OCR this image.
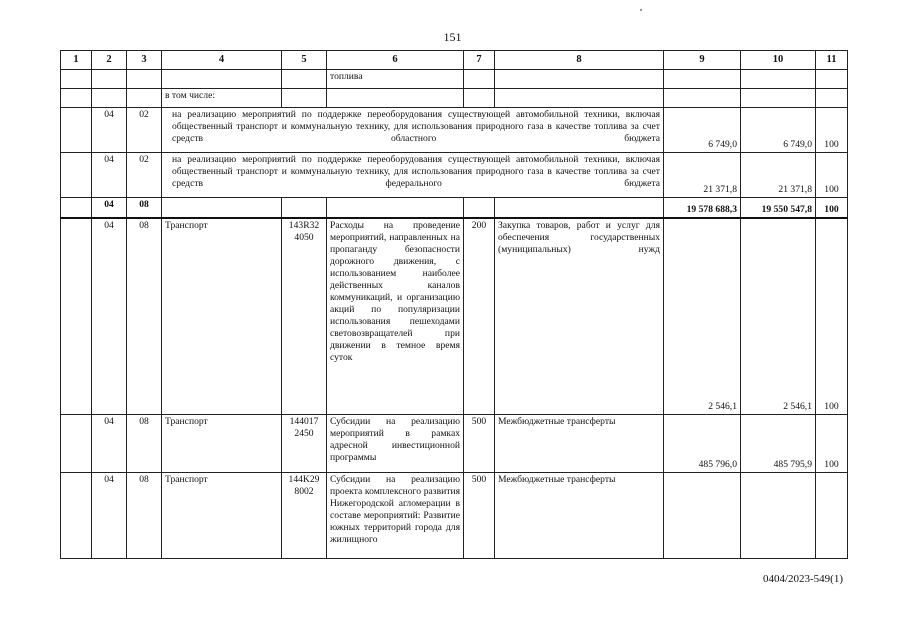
151
1	2	3	4	5	6	7	8	9	10	11
					топлива					
			в том числе:							
	04	02	на реализацию мероприятий по поддержке переоборудования существующей автомобильной техники, включая общественный транспорт и коммунальную технику, для использования природного газа в качестве топлива за счет средств областного бюджета					6 749,0	6 749,0	100
	04	02	на реализацию мероприятий по поддержке переоборудования существующей автомобильной техники, включая общественный транспорт и коммунальную технику, для использования природного газа в качестве топлива за счет средств федерального бюджета					21 371,8	21 371,8	100
	04	08						19 578 688,3	19 550 547,8	100
	04	08	Транспорт	143R32 4050	Расходы на проведение мероприятий, направленных на пропаганду безопасности дорожного движения, с использованием наиболее действенных каналов коммуникаций, и организацию акций по популяризации использования пешеходами световозвращателей при движении в темное время суток	200	Закупка товаров, работ и услуг для обеспечения государственных (муниципальных) нужд	2 546,1	2 546,1	100
	04	08	Транспорт	144017 2450	Субсидии на реализацию мероприятий в рамках адресной инвестиционной программы	500	Межбюджетные трансферты	485 796,0	485 795,9	100
	04	08	Транспорт	144K29 8002	Субсидии на реализацию проекта комплексного развития Нижегородской агломерации в составе мероприятий: Развитие южных территорий города для жилищного	500	Межбюджетные трансферты			
0404/2023-549(1)
